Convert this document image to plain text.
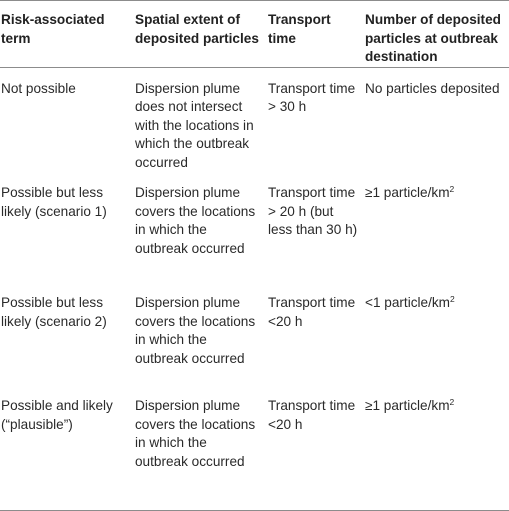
Risk-associated term	Spatial extent of deposited particles	Transport time	Number of deposited particles at outbreak destination
Not possible	Dispersion plume does not intersect with the locations in which the outbreak occurred	Transport time > 30 h	No particles deposited
Possible but less likely (scenario 1)	Dispersion plume covers the locations in which the outbreak occurred	Transport time > 20 h (but less than 30 h)	≥1 particle/$km^2$
Possible but less likely (scenario 2)	Dispersion plume covers the locations in which the outbreak occurred	Transport time <20 h	<1 particle/$km^2$
Possible and likely (“plausible”)	Dispersion plume covers the locations in which the outbreak occurred	Transport time <20 h	≥1 particle/$km^2$
